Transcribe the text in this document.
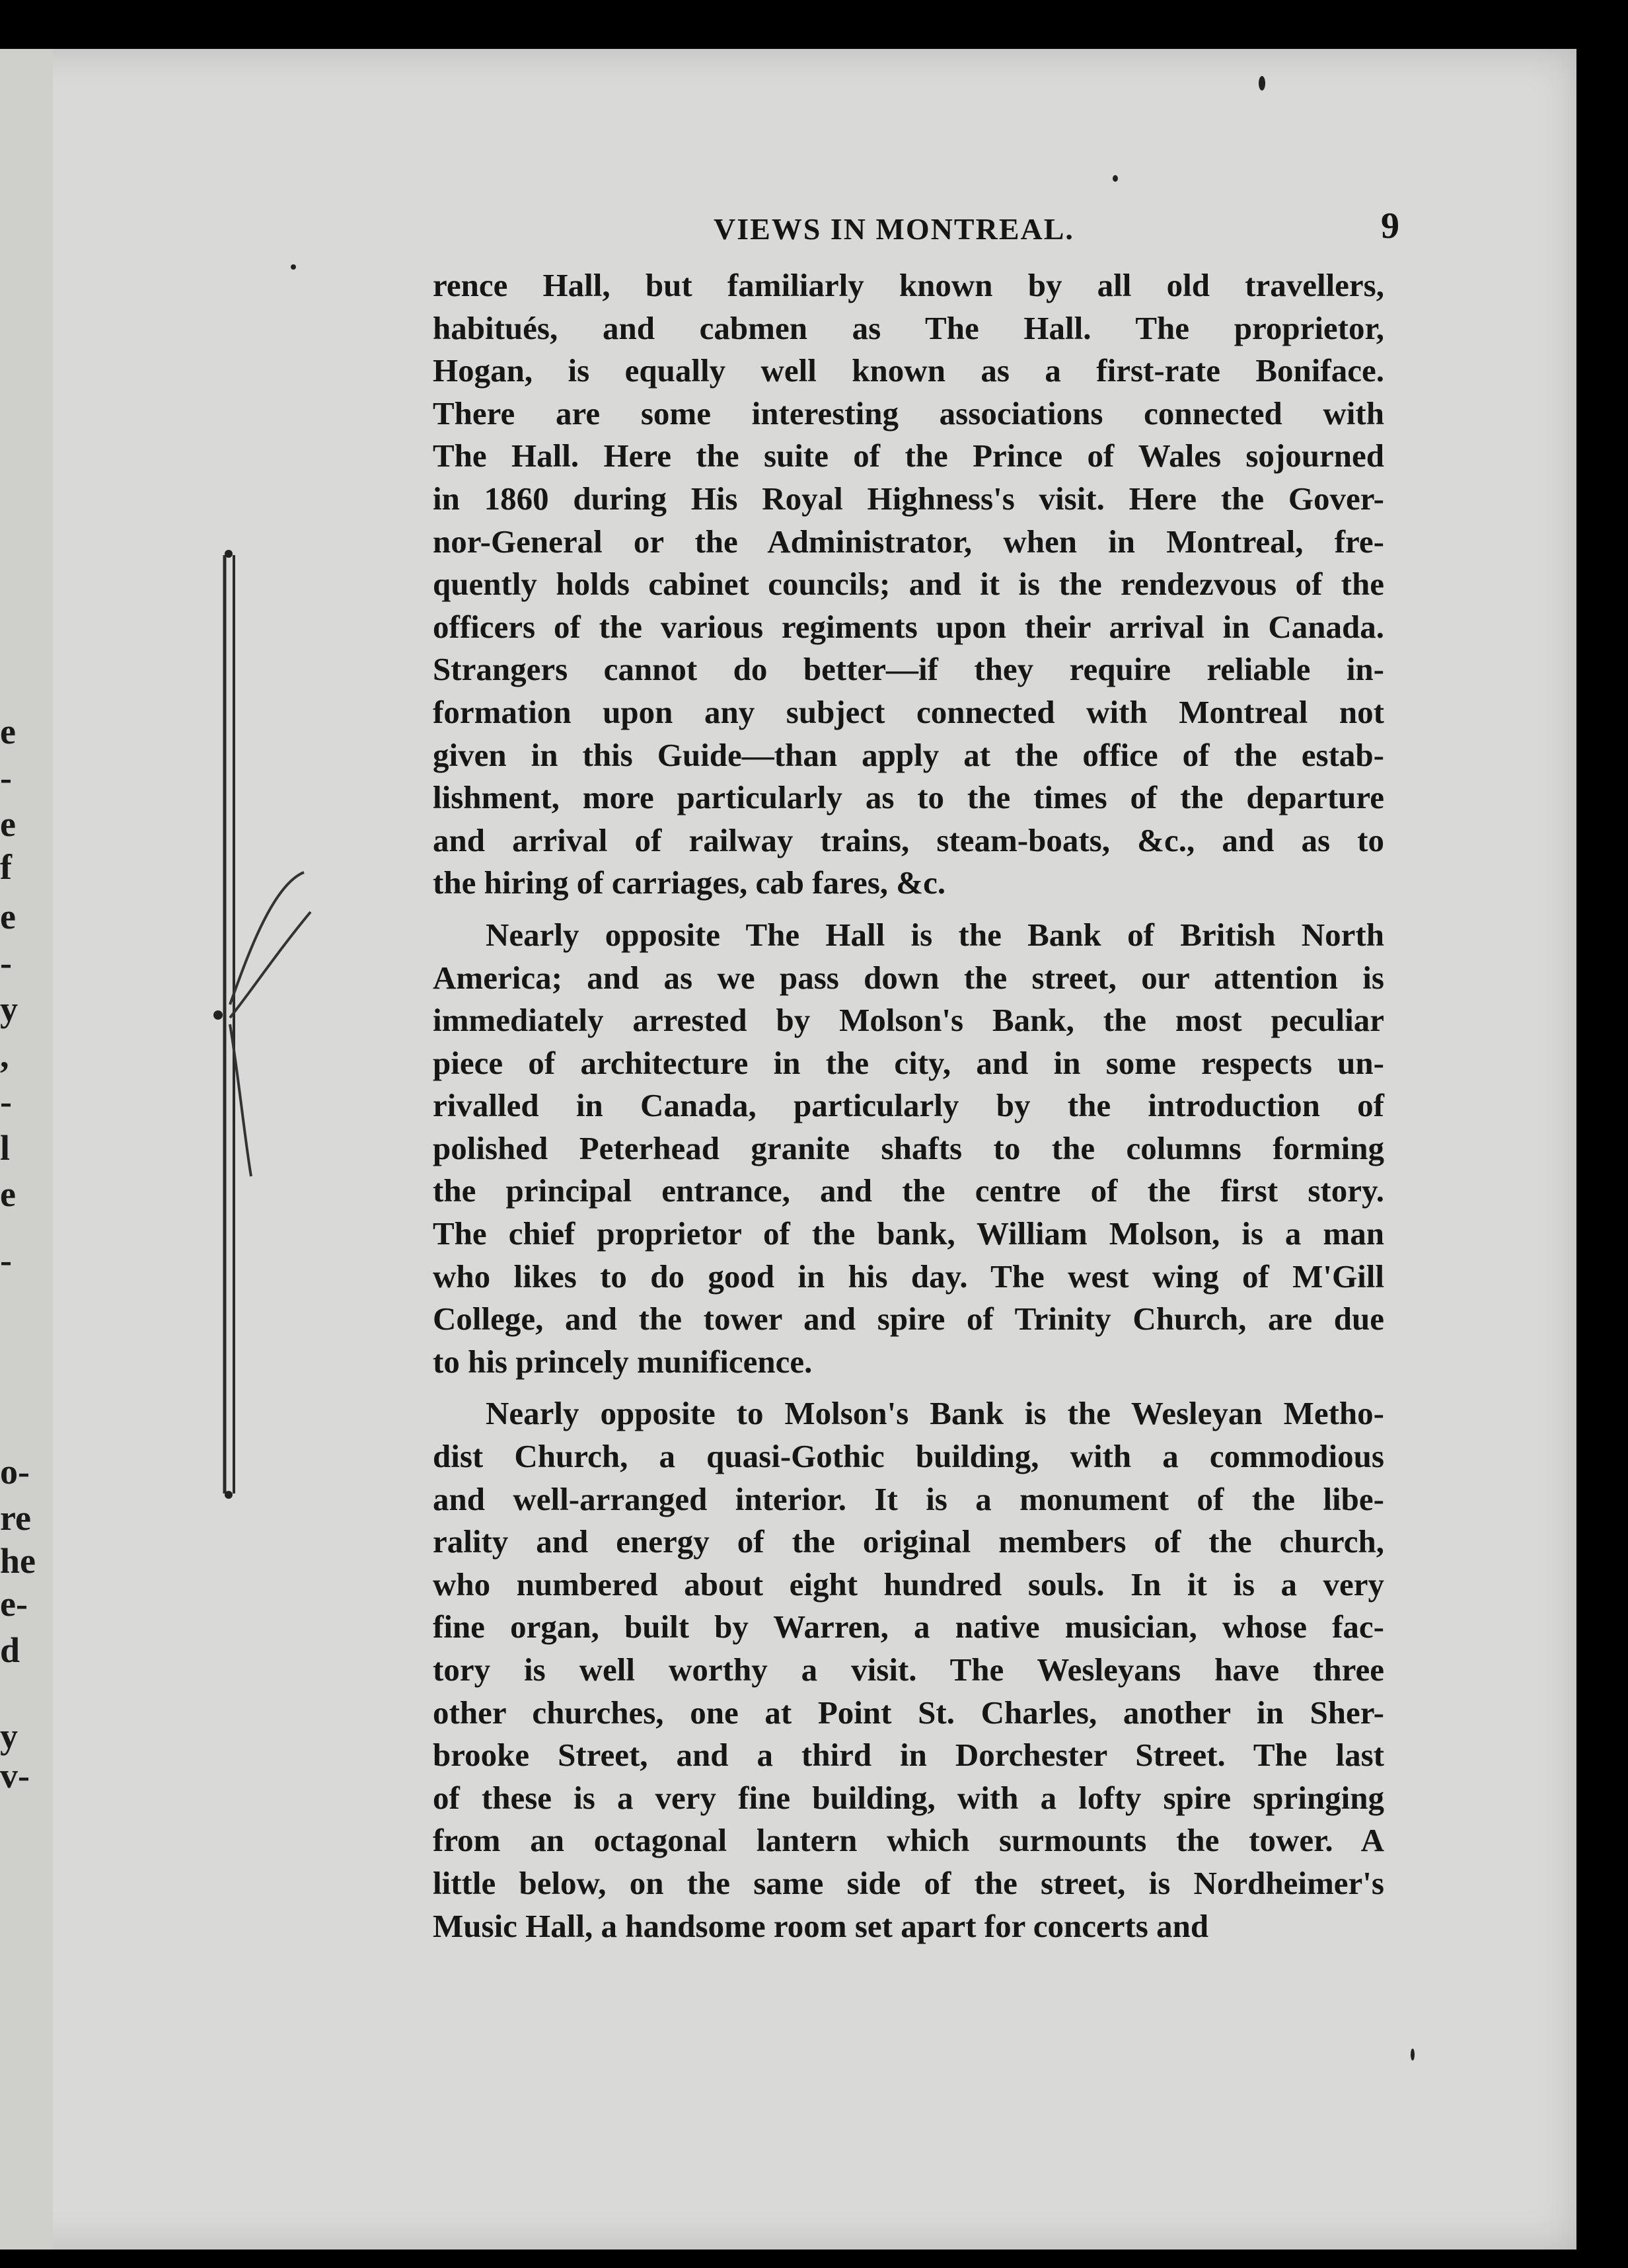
e
-
e
f
e
-
y
,
-
l
e
-
o-
re
he
e-
d
y
v-
VIEWS IN MONTREAL.	9
rence Hall, but familiarly known by all old travellers,
habitués, and cabmen as The Hall. The proprietor,
Hogan, is equally well known as a first-rate Boniface.
There are some interesting associations connected with
The Hall. Here the suite of the Prince of Wales sojourned
in 1860 during His Royal Highness's visit. Here the Gover-
nor-General or the Administrator, when in Montreal, fre-
quently holds cabinet councils; and it is the rendezvous of the
officers of the various regiments upon their arrival in Canada.
Strangers cannot do better—if they require reliable in-
formation upon any subject connected with Montreal not
given in this Guide—than apply at the office of the estab-
lishment, more particularly as to the times of the departure
and arrival of railway trains, steam-boats, &c., and as to
the hiring of carriages, cab fares, &c.
Nearly opposite The Hall is the Bank of British North
America; and as we pass down the street, our attention is
immediately arrested by Molson's Bank, the most peculiar
piece of architecture in the city, and in some respects un-
rivalled in Canada, particularly by the introduction of
polished Peterhead granite shafts to the columns forming
the principal entrance, and the centre of the first story.
The chief proprietor of the bank, William Molson, is a man
who likes to do good in his day. The west wing of M'Gill
College, and the tower and spire of Trinity Church, are due
to his princely munificence.
Nearly opposite to Molson's Bank is the Wesleyan Metho-
dist Church, a quasi-Gothic building, with a commodious
and well-arranged interior. It is a monument of the libe-
rality and energy of the original members of the church,
who numbered about eight hundred souls. In it is a very
fine organ, built by Warren, a native musician, whose fac-
tory is well worthy a visit. The Wesleyans have three
other churches, one at Point St. Charles, another in Sher-
brooke Street, and a third in Dorchester Street. The last
of these is a very fine building, with a lofty spire springing
from an octagonal lantern which surmounts the tower. A
little below, on the same side of the street, is Nordheimer's
Music Hall, a handsome room set apart for concerts and
